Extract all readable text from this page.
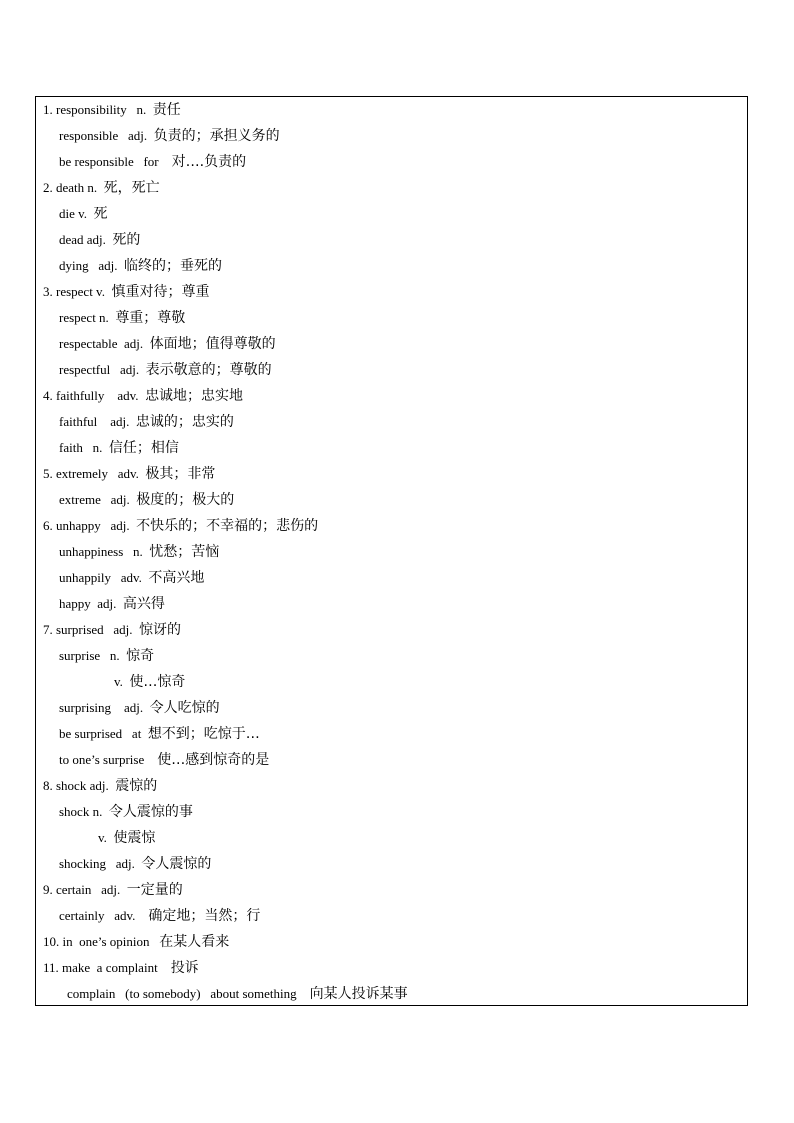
1. responsibility   n.  责任
responsible   adj.  负责的；承担义务的
be responsible   for    对….负责的
2. death n.  死，死亡
die v.  死
dead adj.  死的
dying   adj.  临终的；垂死的
3. respect v.  慎重对待；尊重
respect n.  尊重；尊敬
respectable  adj.  体面地；值得尊敬的
respectful   adj.  表示敬意的；尊敬的
4. faithfully    adv.  忠诚地；忠实地
faithful    adj.  忠诚的；忠实的
faith   n.  信任；相信
5. extremely   adv.  极其；非常
extreme   adj.  极度的；极大的
6. unhappy   adj.  不快乐的；不幸福的；悲伤的
unhappiness   n.  忧愁；苦恼
unhappily   adv.  不高兴地
happy  adj.  高兴得
7. surprised   adj.  惊讶的
surprise   n.  惊奇
v.  使…惊奇
surprising    adj.  令人吃惊的
be surprised   at  想不到；吃惊于…
to one’s surprise    使…感到惊奇的是
8. shock adj.  震惊的
shock n.  令人震惊的事
v.  使震惊
shocking   adj.  令人震惊的
9. certain   adj.  一定量的
certainly   adv.    确定地；当然；行
10. in  one’s opinion   在某人看来
11. make  a complaint    投诉
complain   (to somebody)   about something    向某人投诉某事
